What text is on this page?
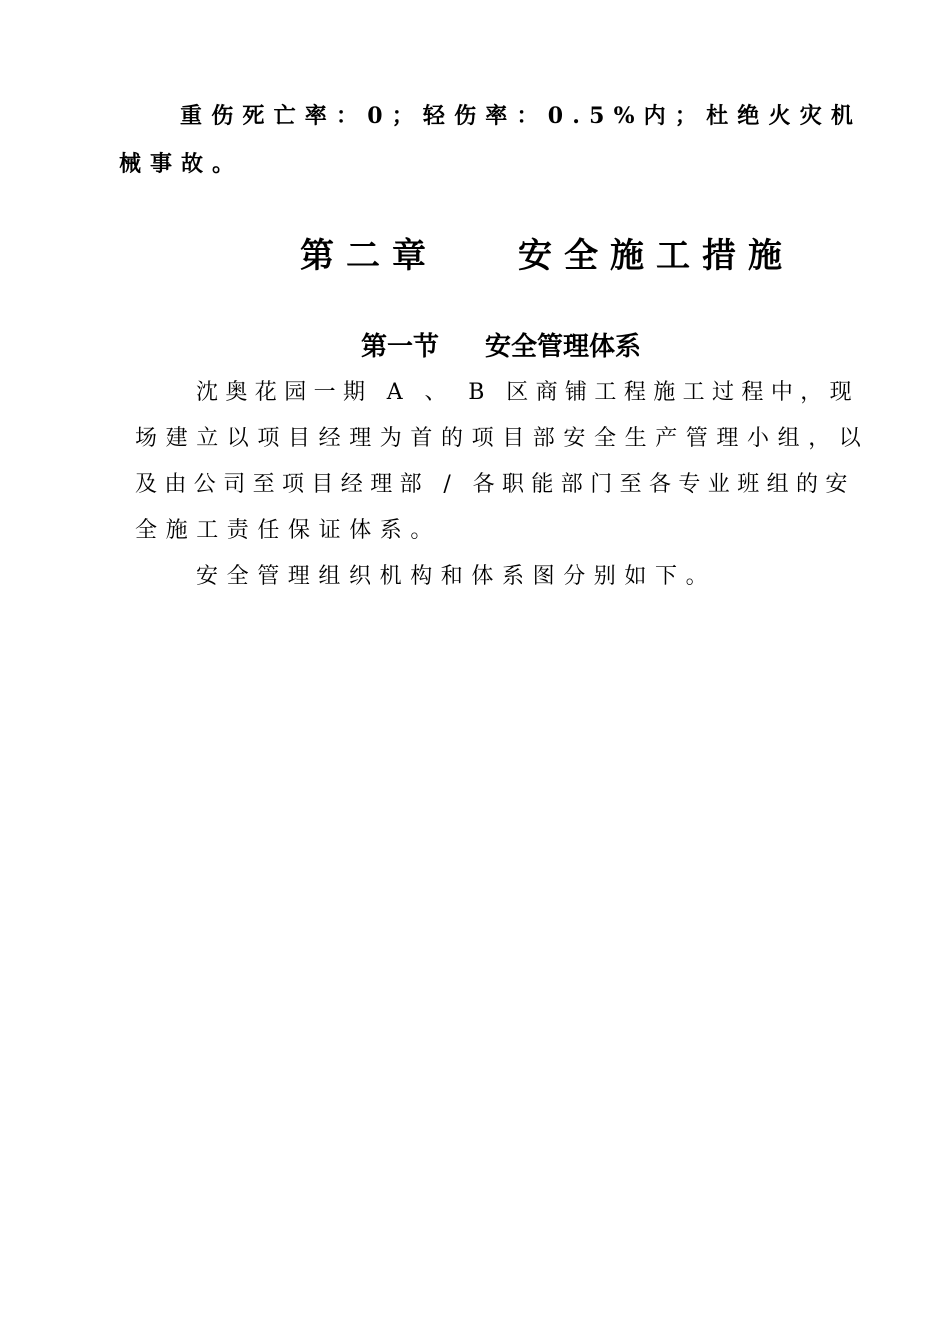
重伤死亡率：0；轻伤率：0.5%内；杜绝火灾机
械事故。
第二章 安全施工措施
第一节 安全管理体系
沈奥花园一期 A 、 B 区商铺工程施工过程中，现
场建立以项目经理为首的项目部安全生产管理小组，以
及由公司至项目经理部 / 各职能部门至各专业班组的安
全施工责任保证体系。
安全管理组织机构和体系图分别如下。
